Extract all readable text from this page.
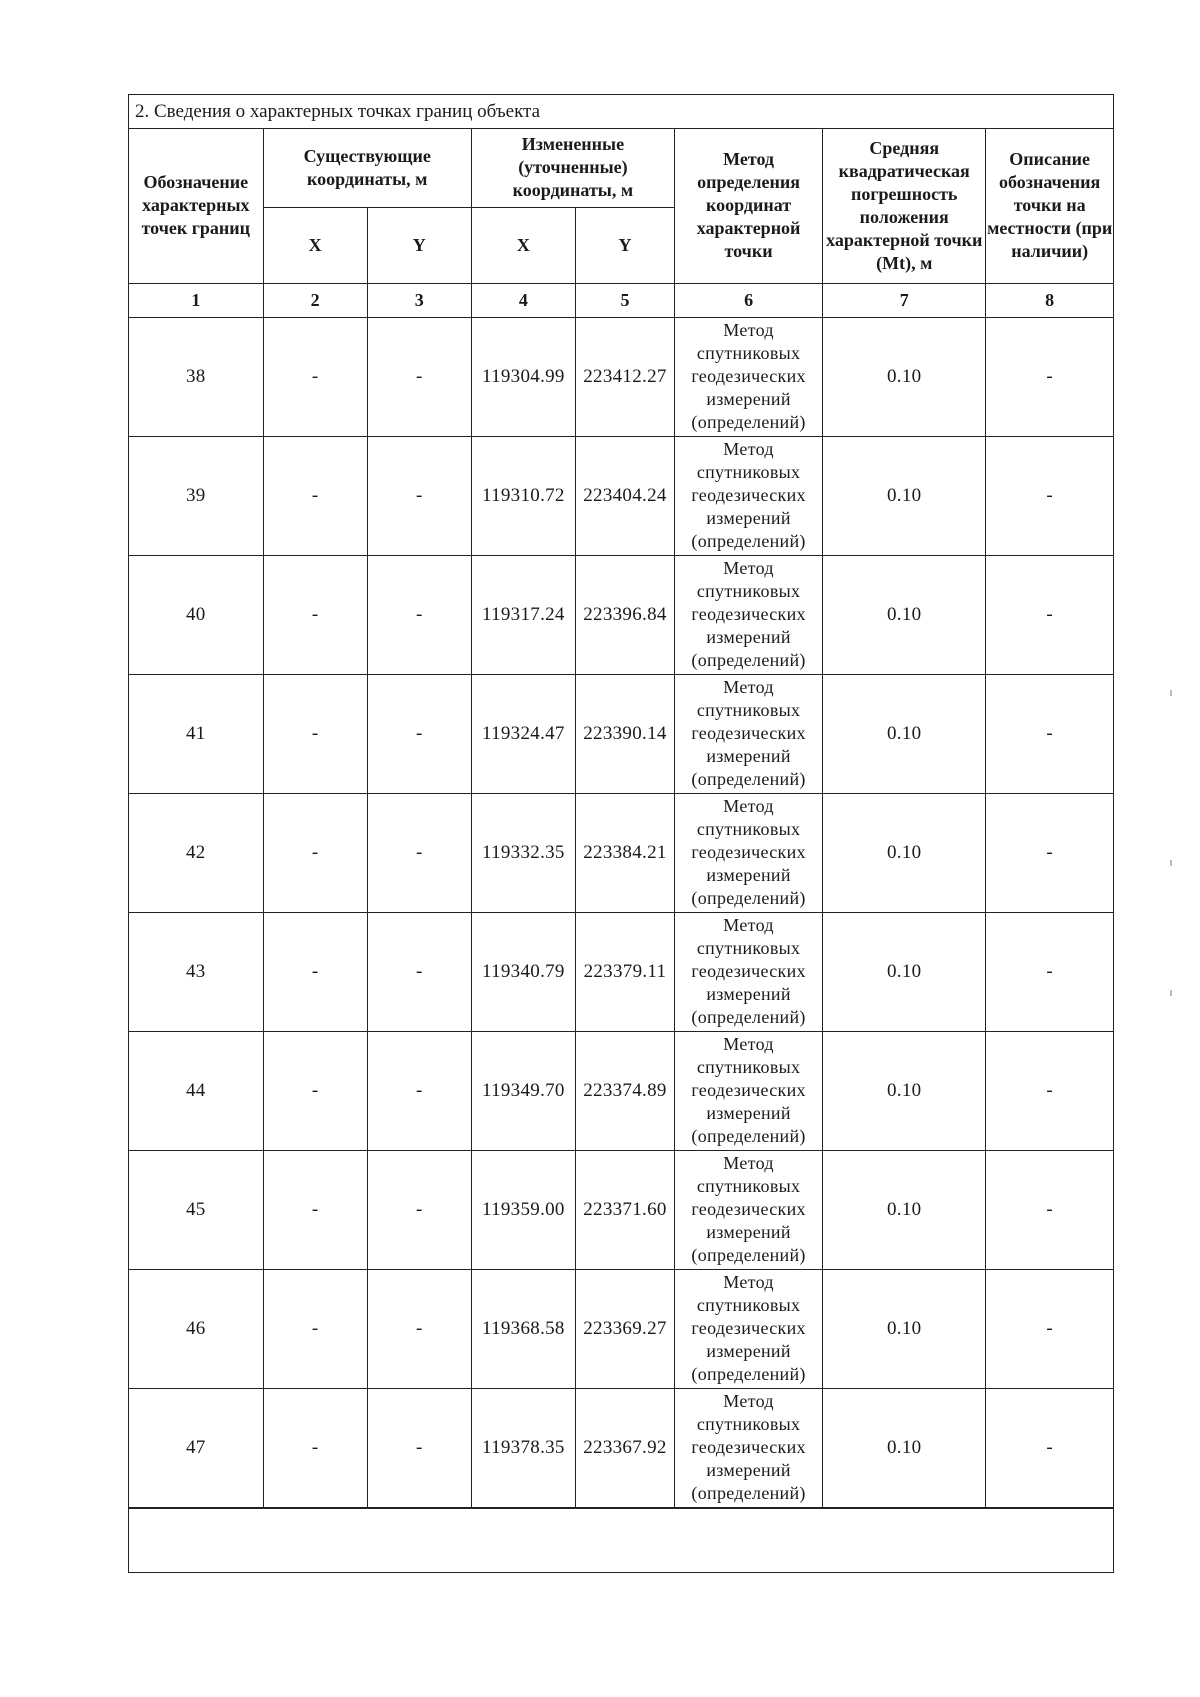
2. Сведения о характерных точках границ объекта
Обозначение характерных точек границ	Существующие координаты, м		Измененные (уточненные) координаты, м		Метод определения координат характерной точки	Средняя квадратическая погрешность положения характерной точки (Mt), м	Описание обозначения точки на местности (при наличии)
	X	Y	X	Y			
1	2	3	4	5	6	7	8
38	-	-	119304.99	223412.27	Метод
спутниковых
геодезических
измерений
(определений)	0.10	-
39	-	-	119310.72	223404.24	Метод
спутниковых
геодезических
измерений
(определений)	0.10	-
40	-	-	119317.24	223396.84	Метод
спутниковых
геодезических
измерений
(определений)	0.10	-
41	-	-	119324.47	223390.14	Метод
спутниковых
геодезических
измерений
(определений)	0.10	-
42	-	-	119332.35	223384.21	Метод
спутниковых
геодезических
измерений
(определений)	0.10	-
43	-	-	119340.79	223379.11	Метод
спутниковых
геодезических
измерений
(определений)	0.10	-
44	-	-	119349.70	223374.89	Метод
спутниковых
геодезических
измерений
(определений)	0.10	-
45	-	-	119359.00	223371.60	Метод
спутниковых
геодезических
измерений
(определений)	0.10	-
46	-	-	119368.58	223369.27	Метод
спутниковых
геодезических
измерений
(определений)	0.10	-
47	-	-	119378.35	223367.92	Метод
спутниковых
геодезических
измерений
(определений)	0.10	-
